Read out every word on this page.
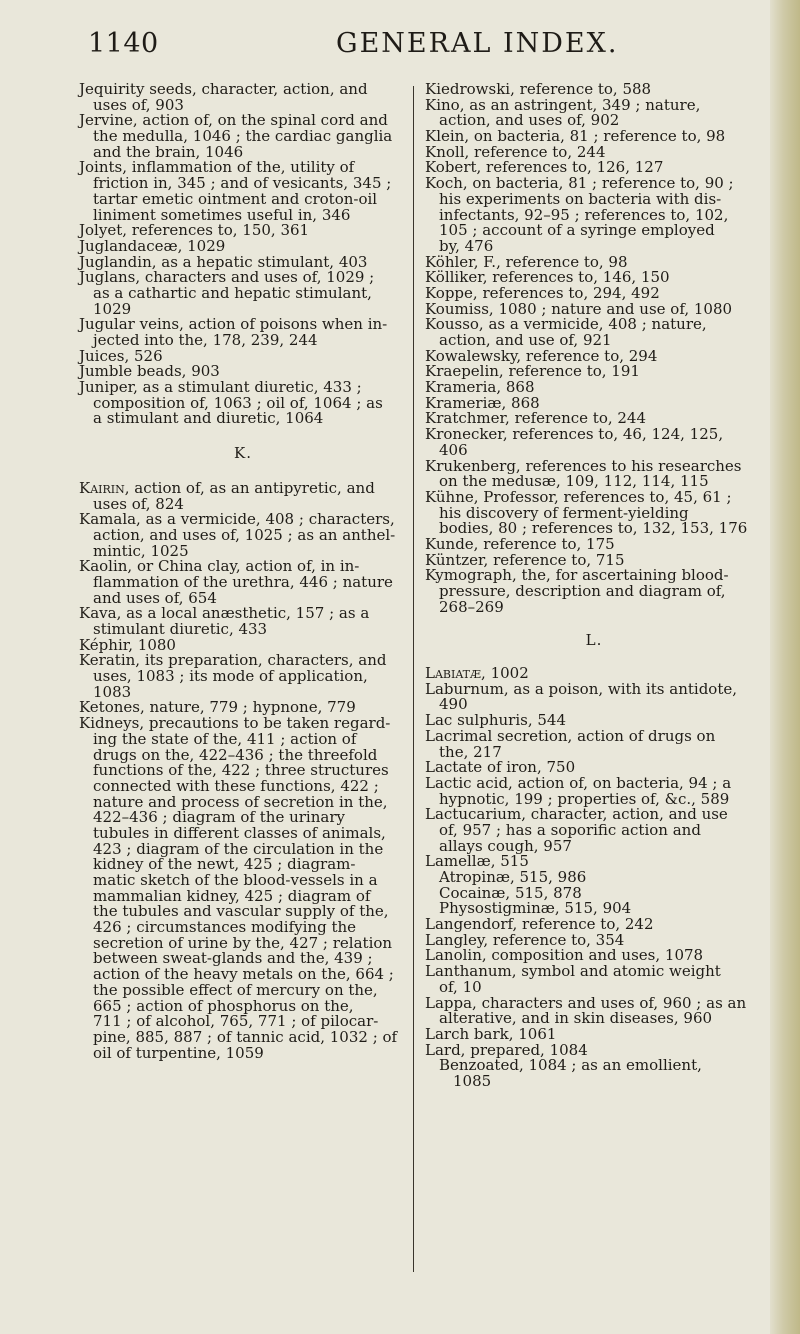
1140	GENERAL INDEX.

Jequirity seeds, character, action, and
uses of, 903

Jervine, action of, on the spinal cord and
the medulla, 1046 ; the cardiac ganglia
and the brain, 1046

Joints, inflammation of the, utility of
friction in, 345 ; and of vesicants, 345 ;
tartar emetic ointment and croton-oil
liniment sometimes useful in, 346

Jolyet, references to, 150, 361

Juglandaceæ, 1029

Juglandin, as a hepatic stimulant, 403

Juglans, characters and uses of, 1029 ;
as a cathartic and hepatic stimulant,
1029

Jugular veins, action of poisons when in-
jected into the, 178, 239, 244

Juices, 526

Jumble beads, 903

Juniper, as a stimulant diuretic, 433 ;
composition of, 1063 ; oil of, 1064 ; as
a stimulant and diuretic, 1064

K.

Kairin, action of, as an antipyretic, and
uses of, 824

Kamala, as a vermicide, 408 ; characters,
action, and uses of, 1025 ; as an anthel-
mintic, 1025

Kaolin, or China clay, action of, in in-
flammation of the urethra, 446 ; nature
and uses of, 654

Kava, as a local anæsthetic, 157 ; as a
stimulant diuretic, 433

Képhir, 1080

Keratin, its preparation, characters, and
uses, 1083 ; its mode of application,
1083

Ketones, nature, 779 ; hypnone, 779

Kidneys, precautions to be taken regard-
ing the state of the, 411 ; action of
drugs on the, 422–436 ; the threefold
functions of the, 422 ; three structures
connected with these functions, 422 ;
nature and process of secretion in the,
422–436 ; diagram of the urinary
tubules in different classes of animals,
423 ; diagram of the circulation in the
kidney of the newt, 425 ; diagram-
matic sketch of the blood-vessels in a
mammalian kidney, 425 ; diagram of
the tubules and vascular supply of the,
426 ; circumstances modifying the
secretion of urine by the, 427 ; relation
between sweat-glands and the, 439 ;
action of the heavy metals on the, 664 ;
the possible effect of mercury on the,
665 ; action of phosphorus on the,
711 ; of alcohol, 765, 771 ; of pilocar-
pine, 885, 887 ; of tannic acid, 1032 ; of
oil of turpentine, 1059

Kiedrowski, reference to, 588

Kino, as an astringent, 349 ; nature,
action, and uses of, 902

Klein, on bacteria, 81 ; reference to, 98

Knoll, reference to, 244

Kobert, references to, 126, 127

Koch, on bacteria, 81 ; reference to, 90 ;
his experiments on bacteria with dis-
infectants, 92–95 ; references to, 102,
105 ; account of a syringe employed
by, 476

Köhler, F., reference to, 98

Kölliker, references to, 146, 150

Koppe, references to, 294, 492

Koumiss, 1080 ; nature and use of, 1080

Kousso, as a vermicide, 408 ; nature,
action, and use of, 921

Kowalewsky, reference to, 294

Kraepelin, reference to, 191

Krameria, 868

Krameriæ, 868

Kratchmer, reference to, 244

Kronecker, references to, 46, 124, 125,
406

Krukenberg, references to his researches
on the medusæ, 109, 112, 114, 115

Kühne, Professor, references to, 45, 61 ;
his discovery of ferment-yielding
bodies, 80 ; references to, 132, 153, 176

Kunde, reference to, 175

Küntzer, reference to, 715

Kymograph, the, for ascertaining blood-
pressure, description and diagram of,
268–269

L.

Labiatæ, 1002

Laburnum, as a poison, with its antidote,
490

Lac sulphuris, 544

Lacrimal secretion, action of drugs on
the, 217

Lactate of iron, 750

Lactic acid, action of, on bacteria, 94 ; a
hypnotic, 199 ; properties of, &c., 589

Lactucarium, character, action, and use
of, 957 ; has a soporific action and
allays cough, 957

Lamellæ, 515

Atropinæ, 515, 986

Cocainæ, 515, 878

Physostigminæ, 515, 904

Langendorf, reference to, 242

Langley, reference to, 354

Lanolin, composition and uses, 1078

Lanthanum, symbol and atomic weight
of, 10

Lappa, characters and uses of, 960 ; as an
alterative, and in skin diseases, 960

Larch bark, 1061

Lard, prepared, 1084

Benzoated, 1084 ; as an emollient,
1085
